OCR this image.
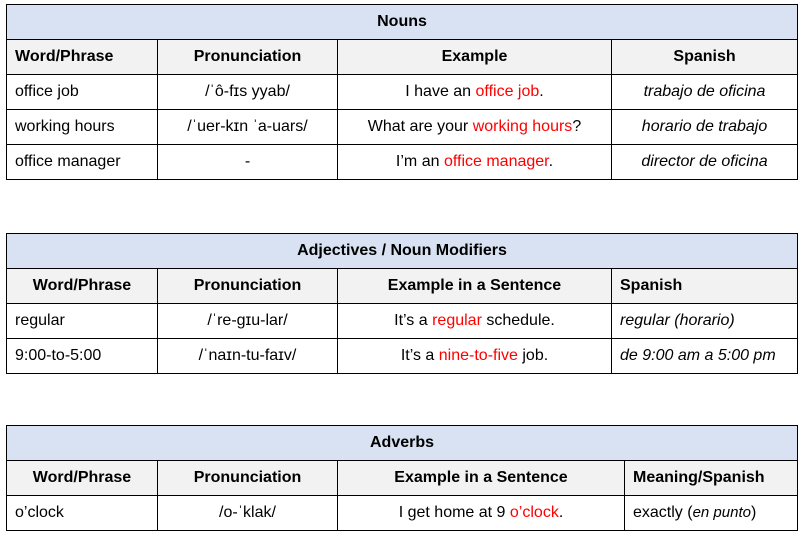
Nouns			
Word/Phrase	Pronunciation	Example	Spanish
office job	/ˈô-fɪs yyab/	I have an office job.	trabajo de oficina
working hours	/ˈuer-kɪn ˈa-uars/	What are your working hours?	horario de trabajo
office manager	-	I’m an office manager.	director de oficina
Adjectives / Noun Modifiers			
Word/Phrase	Pronunciation	Example in a Sentence	Spanish
regular	/ˈre-gɪu-lar/	It’s a regular schedule.	regular (horario)
9:00-to-5:00	/ˈnaɪn-tu-faɪv/	It’s a nine-to-five job.	de 9:00 am a 5:00 pm
Adverbs			
Word/Phrase	Pronunciation	Example in a Sentence	Meaning/Spanish
o’clock	/o-ˈklak/	I get home at 9 o’clock.	exactly (en punto)
